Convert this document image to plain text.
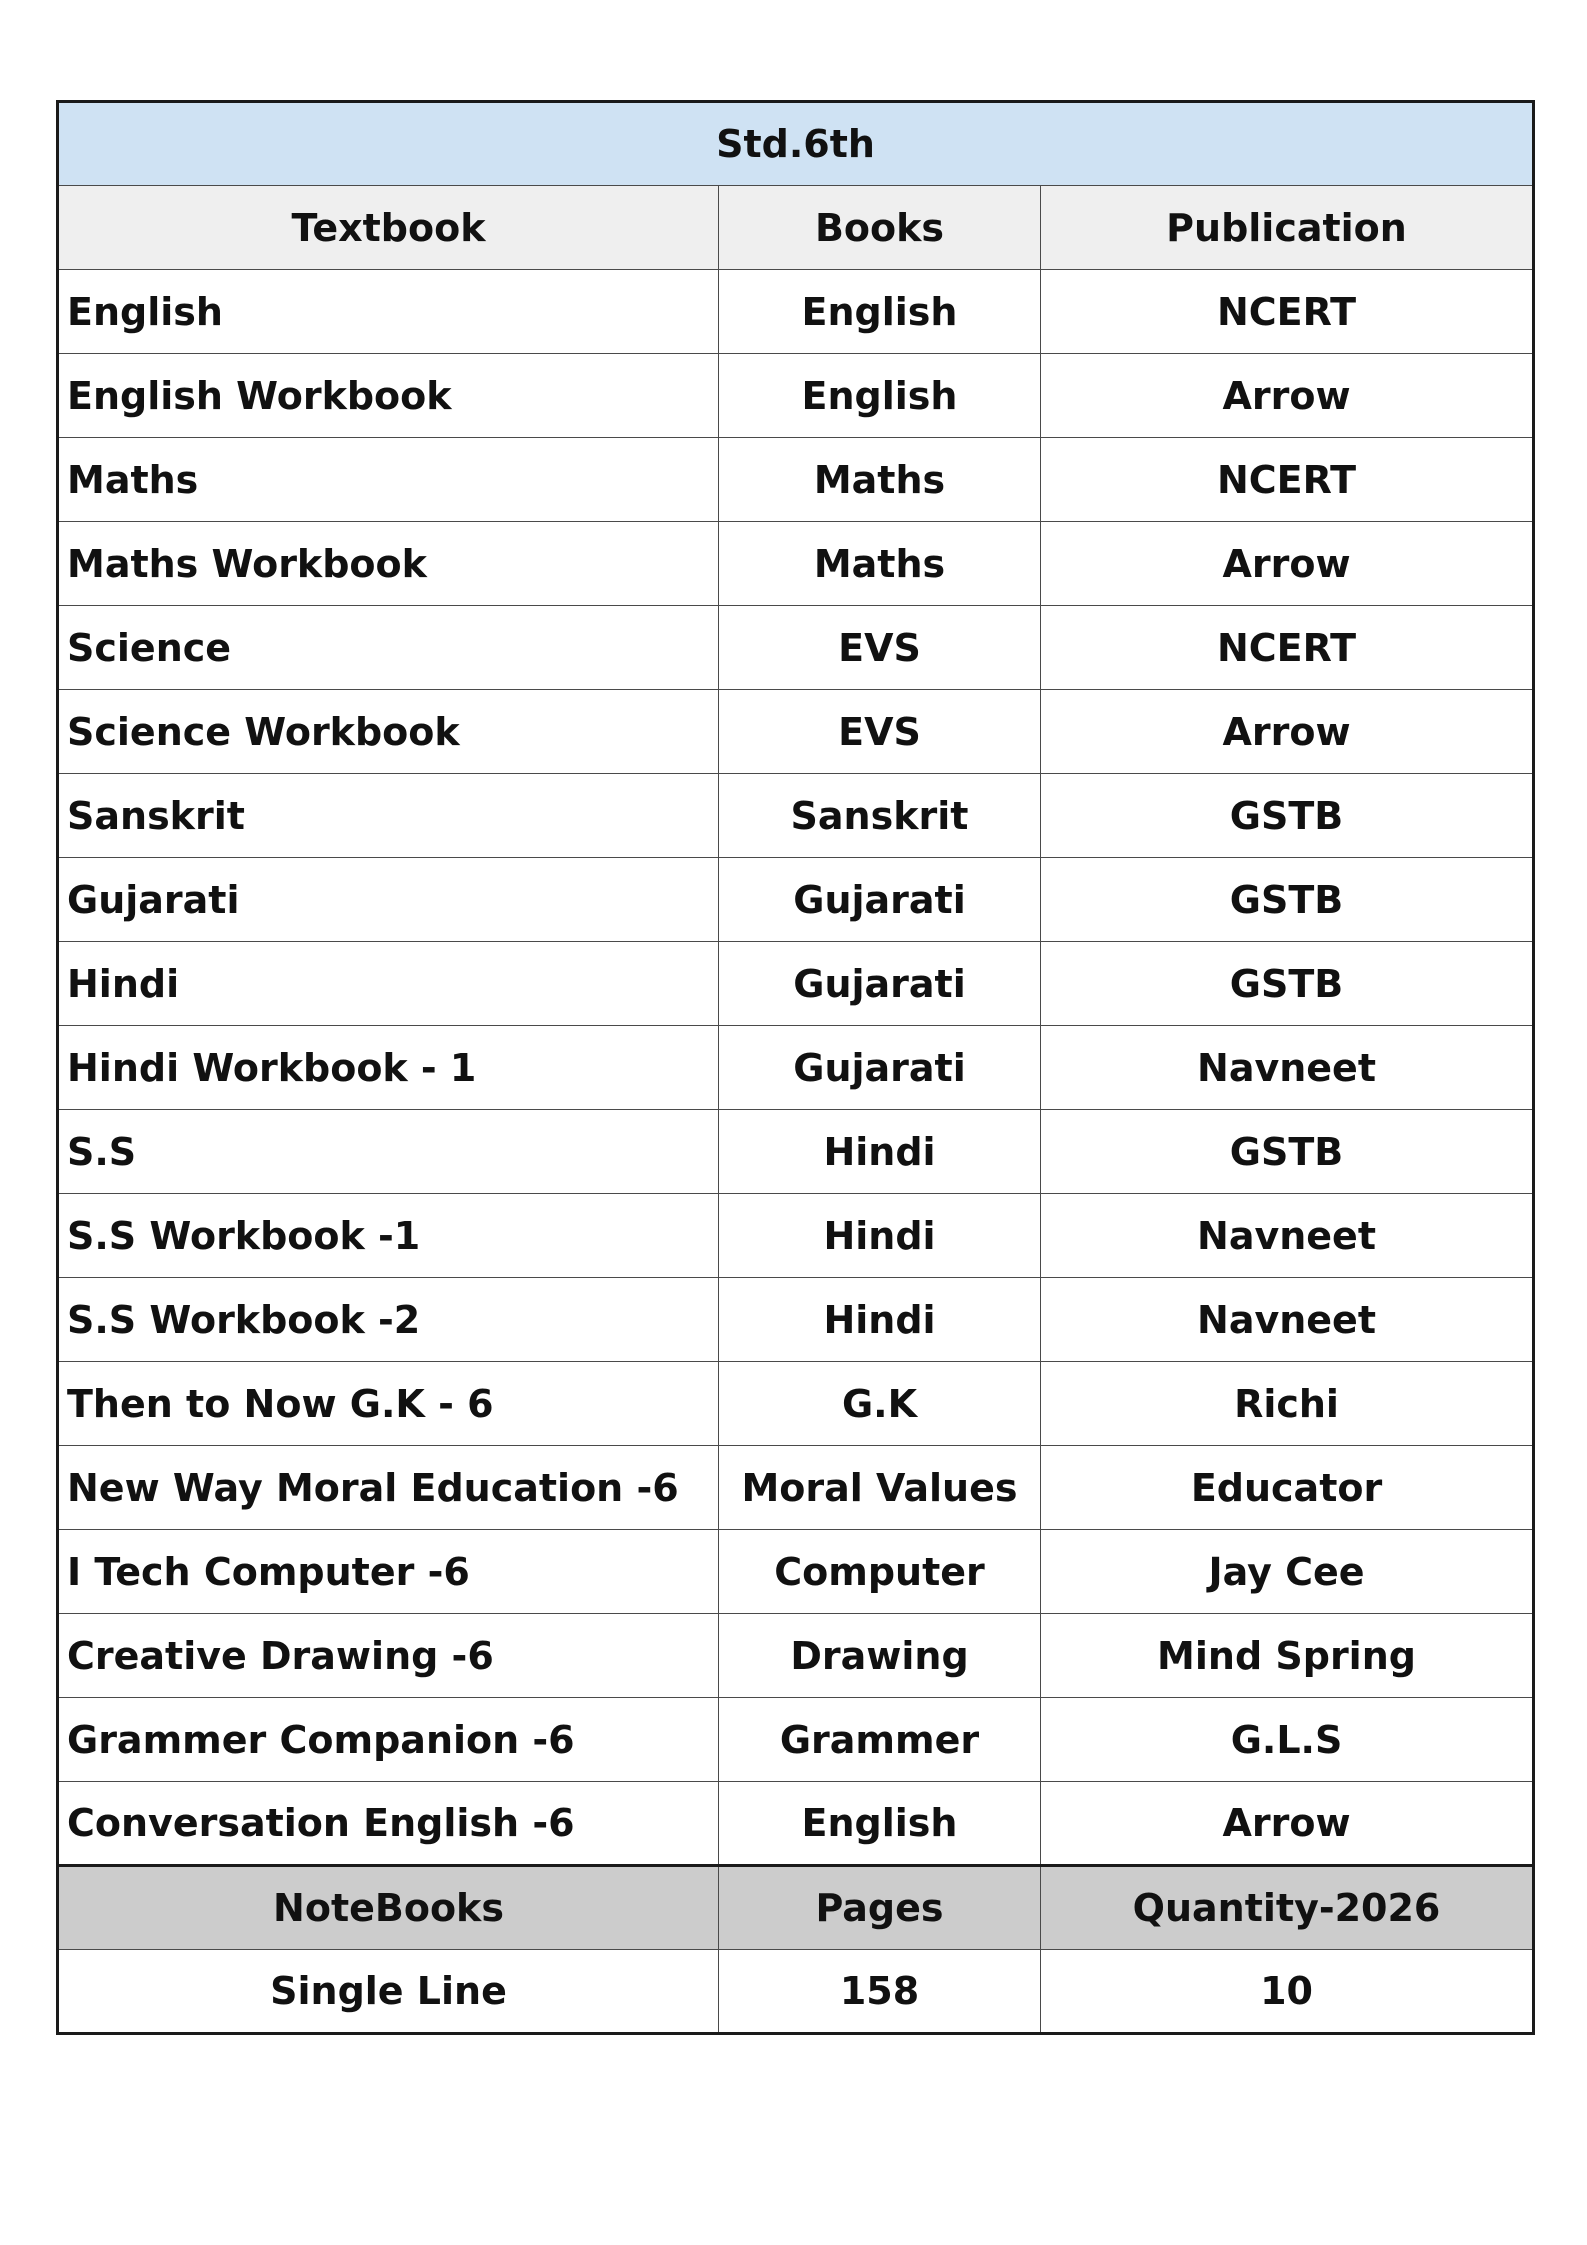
Std.6th		
Textbook	Books	Publication
English	English	NCERT
English Workbook	English	Arrow
Maths	Maths	NCERT
Maths Workbook	Maths	Arrow
Science	EVS	NCERT
Science Workbook	EVS	Arrow
Sanskrit	Sanskrit	GSTB
Gujarati	Gujarati	GSTB
Hindi	Gujarati	GSTB
Hindi Workbook - 1	Gujarati	Navneet
S.S	Hindi	GSTB
S.S Workbook -1	Hindi	Navneet
S.S Workbook -2	Hindi	Navneet
Then to Now G.K - 6	G.K	Richi
New Way Moral Education -6	Moral Values	Educator
I Tech Computer -6	Computer	Jay Cee
Creative Drawing -6	Drawing	Mind Spring
Grammer Companion -6	Grammer	G.L.S
Conversation English -6	English	Arrow
NoteBooks	Pages	Quantity-2026
Single Line	158	10
